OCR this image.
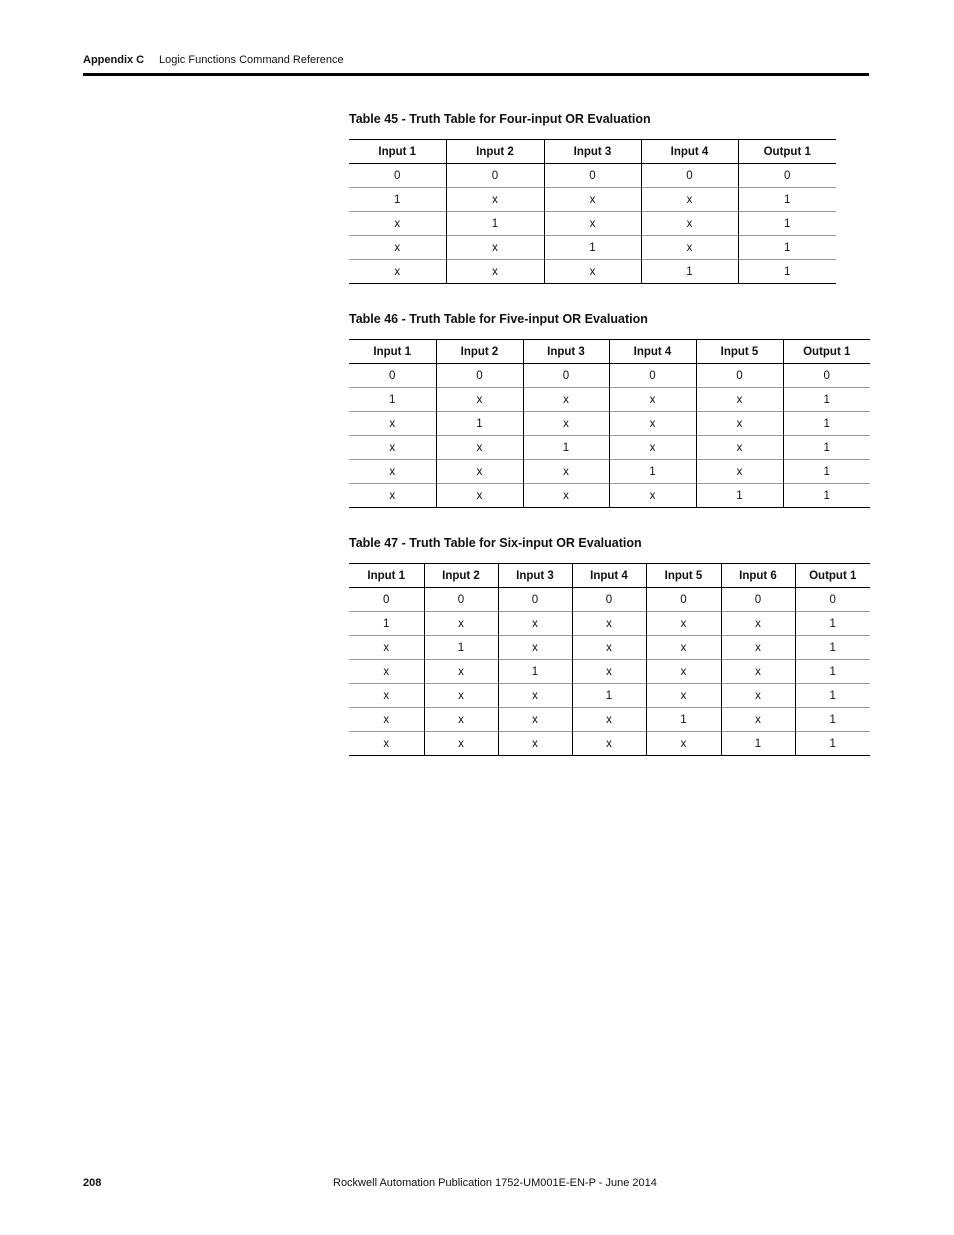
Appendix C Logic Functions Command Reference
Table 45 - Truth Table for Four-input OR Evaluation
Input 1	Input 2	Input 3	Input 4	Output 1
0	0	0	0	0
1	x	x	x	1
x	1	x	x	1
x	x	1	x	1
x	x	x	1	1
Table 46 - Truth Table for Five-input OR Evaluation
Input 1	Input 2	Input 3	Input 4	Input 5	Output 1
0	0	0	0	0	0
1	x	x	x	x	1
x	1	x	x	x	1
x	x	1	x	x	1
x	x	x	1	x	1
x	x	x	x	1	1
Table 47 - Truth Table for Six-input OR Evaluation
Input 1	Input 2	Input 3	Input 4	Input 5	Input 6	Output 1
0	0	0	0	0	0	0
1	x	x	x	x	x	1
x	1	x	x	x	x	1
x	x	1	x	x	x	1
x	x	x	1	x	x	1
x	x	x	x	1	x	1
x	x	x	x	x	1	1
208	Rockwell Automation Publication 1752-UM001E-EN-P - June 2014
